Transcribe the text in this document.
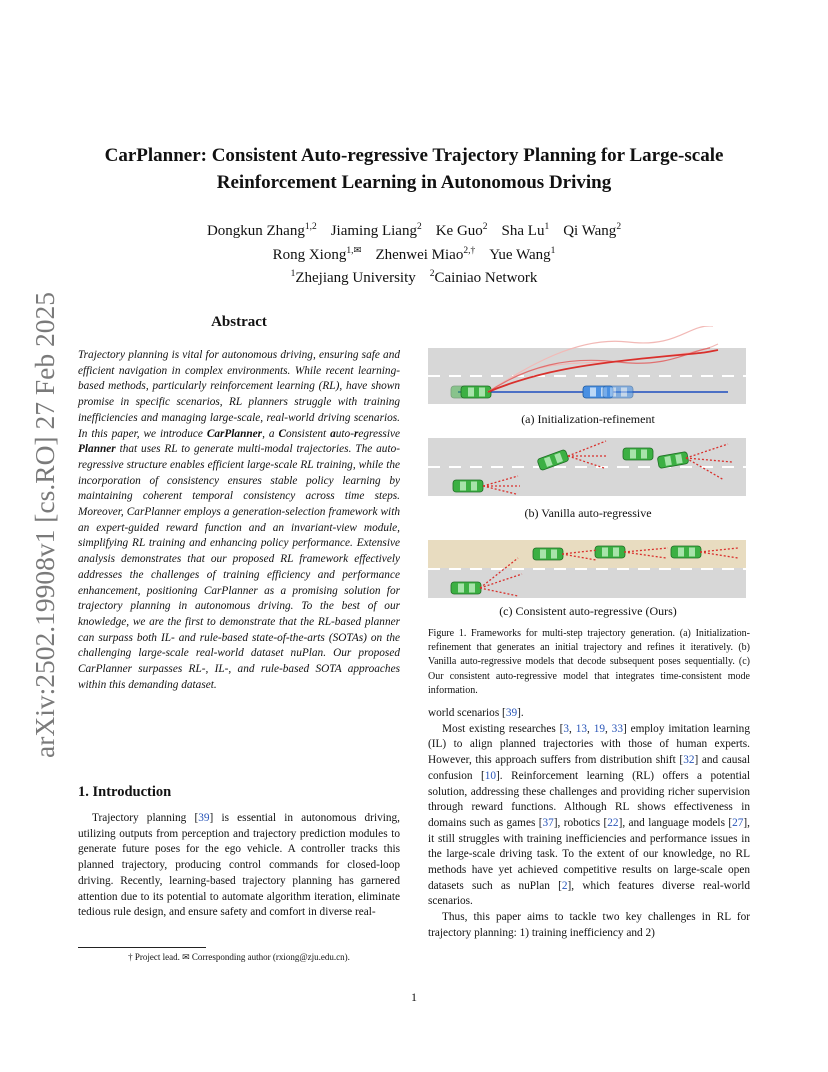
CarPlanner: Consistent Auto-regressive Trajectory Planning for Large-scale Reinforcement Learning in Autonomous Driving
Dongkun Zhang$^{1,2}$ Jiaming Liang$^2$ Ke Guo$^2$ Sha Lu$^1$ Qi Wang$^2$
Rong Xiong$^{1,✉}$ Zhenwei Miao$^{2,\dagger}$ Yue Wang$^1$
$^1$Zhejiang University $^2$Cainiao Network
arXiv:2502.19908v1 [cs.RO] 27 Feb 2025	Abstract
Trajectory planning is vital for autonomous driving, ensuring safe and efficient navigation in complex environments. While recent learning-based methods, particularly reinforcement learning (RL), have shown promise in specific scenarios, RL planners struggle with training inefficiencies and managing large-scale, real-world driving scenarios. In this paper, we introduce CarPlanner, a Consistent auto-regressive Planner that uses RL to generate multi-modal trajectories. The auto-regressive structure enables efficient large-scale RL training, while the incorporation of consistency ensures stable policy learning by maintaining coherent temporal consistency across time steps. Moreover, CarPlanner employs a generation-selection framework with an expert-guided reward function and an invariant-view module, simplifying RL training and enhancing policy performance. Extensive analysis demonstrates that our proposed RL framework effectively addresses the challenges of training efficiency and performance enhancement, positioning CarPlanner as a promising solution for trajectory planning in autonomous driving. To the best of our knowledge, we are the first to demonstrate that the RL-based planner can surpass both IL- and rule-based state-of-the-arts (SOTAs) on the challenging large-scale real-world dataset nuPlan. Our proposed CarPlanner surpasses RL-, IL-, and rule-based SOTA approaches within this demanding dataset.
1. Introduction
Trajectory planning [39] is essential in autonomous driving, utilizing outputs from perception and trajectory prediction modules to generate future poses for the ego vehicle. A controller tracks this planned trajectory, producing control commands for closed-loop driving. Recently, learning-based trajectory planning has garnered attention due to its potential to automate algorithm iteration, eliminate tedious rule design, and ensure safety and comfort in diverse real-
† Project lead. ✉ Corresponding author (rxiong@zju.edu.cn).
1
(a) Initialization-refinement
(b) Vanilla auto-regressive
(c) Consistent auto-regressive (Ours)
Figure 1. Frameworks for multi-step trajectory generation. (a) Initialization-refinement that generates an initial trajectory and refines it iteratively. (b) Vanilla auto-regressive models that decode subsequent poses sequentially. (c) Our consistent auto-regressive model that integrates time-consistent mode information.

world scenarios [39].

Most existing researches [3, 13, 19, 33] employ imitation learning (IL) to align planned trajectories with those of human experts. However, this approach suffers from distribution shift [32] and causal confusion [10]. Reinforcement learning (RL) offers a potential solution, addressing these challenges and providing richer supervision through reward functions. Although RL shows effectiveness in domains such as games [37], robotics [22], and language models [27], it still struggles with training inefficiencies and performance issues in the large-scale driving task. To the extent of our knowledge, no RL methods have yet achieved competitive results on large-scale open datasets such as nuPlan [2], which features diverse real-world scenarios.

Thus, this paper aims to tackle two key challenges in RL for trajectory planning: 1) training inefficiency and 2)
